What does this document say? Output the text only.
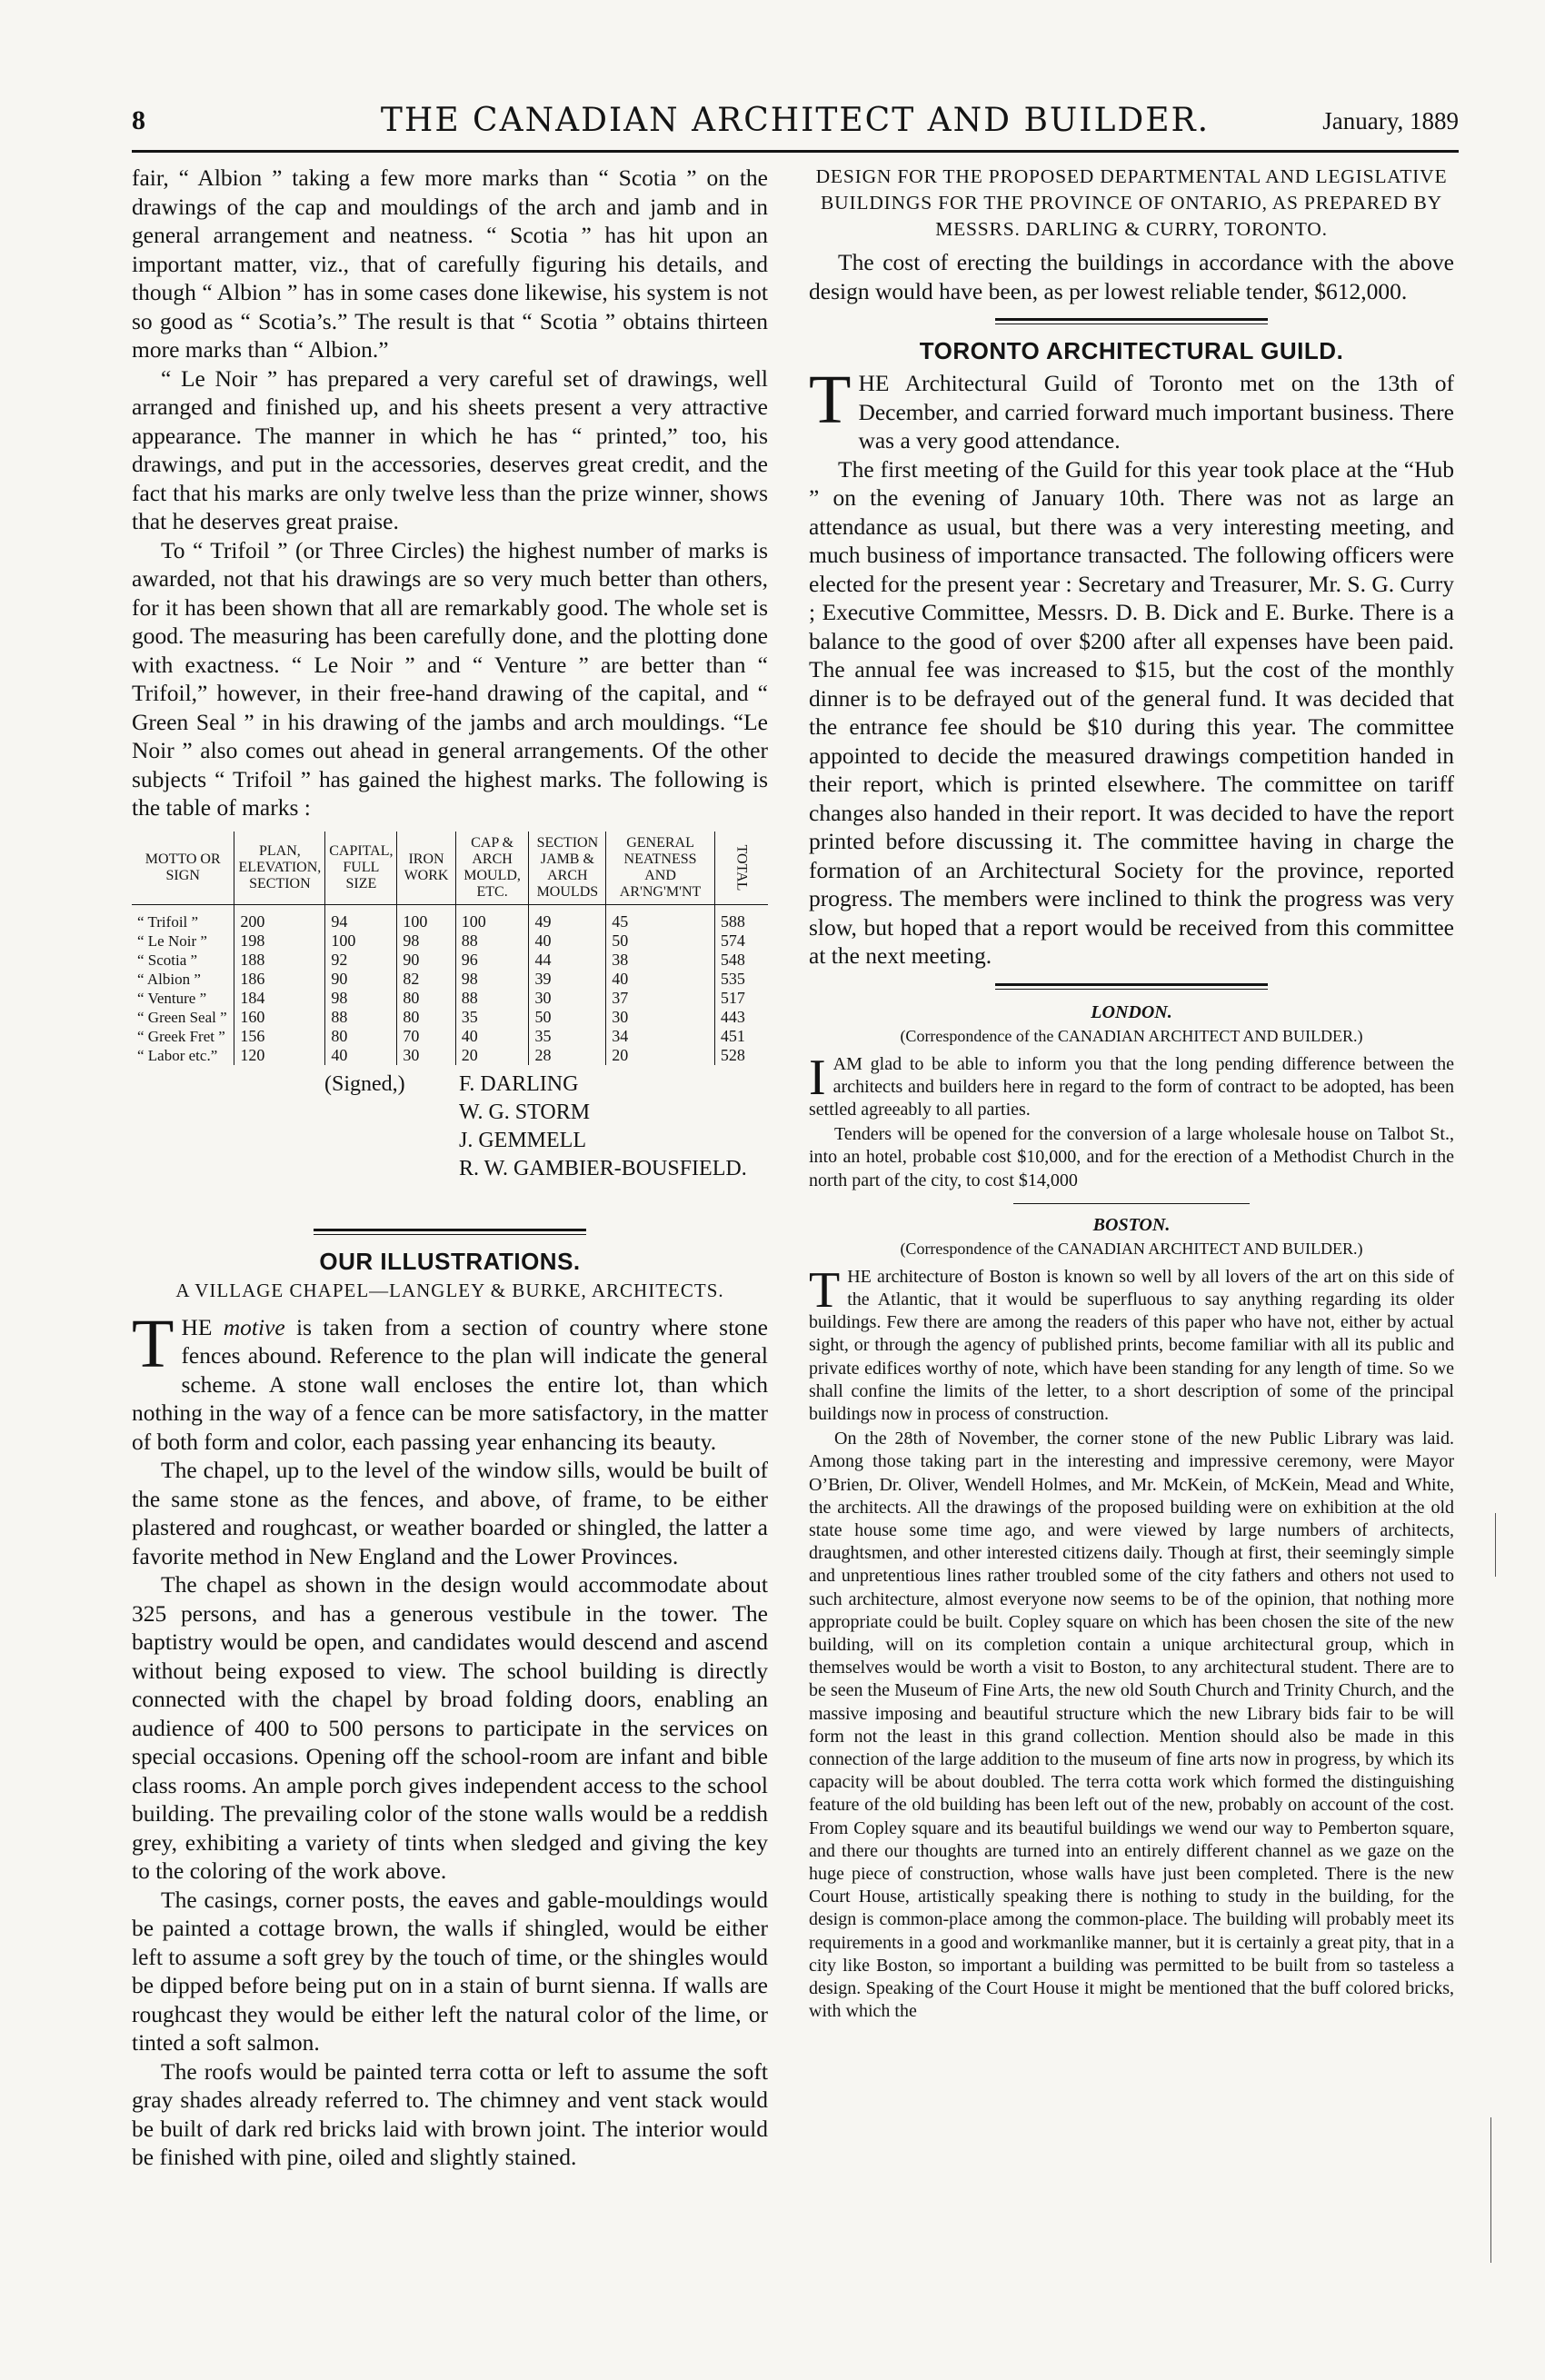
8	THE CANADIAN ARCHITECT AND BUILDER.	January, 1889

fair, “ Albion ” taking a few more marks than “ Scotia ” on the drawings of the cap and mouldings of the arch and jamb and in general arrangement and neatness. “ Scotia ” has hit upon an important matter, viz., that of carefully figuring his details, and though “ Albion ” has in some cases done likewise, his system is not so good as “ Scotia’s.” The result is that “ Scotia ” obtains thirteen more marks than “ Albion.”

“ Le Noir ” has prepared a very careful set of drawings, well arranged and finished up, and his sheets present a very attractive appearance. The manner in which he has “ printed,” too, his drawings, and put in the accessories, deserves great credit, and the fact that his marks are only twelve less than the prize winner, shows that he deserves great praise.

To “ Trifoil ” (or Three Circles) the highest number of marks is awarded, not that his drawings are so very much better than others, for it has been shown that all are remarkably good. The whole set is good. The measuring has been carefully done, and the plotting done with exactness. “ Le Noir ” and “ Venture ” are better than “ Trifoil,” however, in their free-hand drawing of the capital, and “ Green Seal ” in his drawing of the jambs and arch mouldings. “Le Noir ” also comes out ahead in general arrangements. Of the other subjects “ Trifoil ” has gained the highest marks. The following is the table of marks :

MOTTO OR SIGN	PLAN, ELEVATION, SECTION	CAPITAL, FULL SIZE	IRON WORK	CAP & ARCH MOULD, ETC.	SECTION JAMB & ARCH MOULDS	GENERAL NEATNESS AND AR'NG'M'NT	TOTAL
“ Trifoil ”	200	94	100	100	49	45	588
“ Le Noir ”	198	100	98	88	40	50	574
“ Scotia ”	188	92	90	96	44	38	548
“ Albion ”	186	90	82	98	39	40	535
“ Venture ”	184	98	80	88	30	37	517
“ Green Seal ”	160	88	80	35	50	30	443
“ Greek Fret ”	156	80	70	40	35	34	451
“ Labor etc.”	120	40	30	20	28	20	528
(Signed,) F. DARLING
W. G. STORM
J. GEMMELL
R. W. GAMBIER-BOUSFIELD.
OUR ILLUSTRATIONS.
A VILLAGE CHAPEL—LANGLEY & BURKE, ARCHITECTS.

THE motive is taken from a section of country where stone fences abound. Reference to the plan will indicate the general scheme. A stone wall encloses the entire lot, than which nothing in the way of a fence can be more satisfactory, in the matter of both form and color, each passing year enhancing its beauty.

The chapel, up to the level of the window sills, would be built of the same stone as the fences, and above, of frame, to be either plastered and roughcast, or weather boarded or shingled, the latter a favorite method in New England and the Lower Provinces.

The chapel as shown in the design would accommodate about 325 persons, and has a generous vestibule in the tower. The baptistry would be open, and candidates would descend and ascend without being exposed to view. The school building is directly connected with the chapel by broad folding doors, enabling an audience of 400 to 500 persons to participate in the services on special occasions. Opening off the school-room are infant and bible class rooms. An ample porch gives independent access to the school building. The prevailing color of the stone walls would be a reddish grey, exhibiting a variety of tints when sledged and giving the key to the coloring of the work above.

The casings, corner posts, the eaves and gable-mouldings would be painted a cottage brown, the walls if shingled, would be either left to assume a soft grey by the touch of time, or the shingles would be dipped before being put on in a stain of burnt sienna. If walls are roughcast they would be either left the natural color of the lime, or tinted a soft salmon.

The roofs would be painted terra cotta or left to assume the soft gray shades already referred to. The chimney and vent stack would be built of dark red bricks laid with brown joint. The interior would be finished with pine, oiled and slightly stained.

DESIGN FOR THE PROPOSED DEPARTMENTAL AND LEGISLATIVE BUILDINGS FOR THE PROVINCE OF ONTARIO, AS PREPARED BY MESSRS. DARLING & CURRY, TORONTO.

The cost of erecting the buildings in accordance with the above design would have been, as per lowest reliable tender, $612,000.

TORONTO ARCHITECTURAL GUILD.

THE Architectural Guild of Toronto met on the 13th of December, and carried forward much important business. There was a very good attendance.

The first meeting of the Guild for this year took place at the “Hub ” on the evening of January 10th. There was not as large an attendance as usual, but there was a very interesting meeting, and much business of importance transacted. The following officers were elected for the present year : Secretary and Treasurer, Mr. S. G. Curry ; Executive Committee, Messrs. D. B. Dick and E. Burke. There is a balance to the good of over $200 after all expenses have been paid. The annual fee was increased to $15, but the cost of the monthly dinner is to be defrayed out of the general fund. It was decided that the entrance fee should be $10 during this year. The committee appointed to decide the measured drawings competition handed in their report, which is printed elsewhere. The committee on tariff changes also handed in their report. It was decided to have the report printed before discussing it. The committee having in charge the formation of an Architectural Society for the province, reported progress. The members were inclined to think the progress was very slow, but hoped that a report would be received from this committee at the next meeting.

LONDON.
(Correspondence of the CANADIAN ARCHITECT AND BUILDER.)

IAM glad to be able to inform you that the long pending difference between the architects and builders here in regard to the form of contract to be adopted, has been settled agreeably to all parties.

Tenders will be opened for the conversion of a large wholesale house on Talbot St., into an hotel, probable cost $10,000, and for the erection of a Methodist Church in the north part of the city, to cost $14,000

BOSTON.
(Correspondence of the CANADIAN ARCHITECT AND BUILDER.)

THE architecture of Boston is known so well by all lovers of the art on this side of the Atlantic, that it would be superfluous to say anything regarding its older buildings. Few there are among the readers of this paper who have not, either by actual sight, or through the agency of published prints, become familiar with all its public and private edifices worthy of note, which have been standing for any length of time. So we shall confine the limits of the letter, to a short description of some of the principal buildings now in process of construction.

On the 28th of November, the corner stone of the new Public Library was laid. Among those taking part in the interesting and impressive ceremony, were Mayor O’Brien, Dr. Oliver, Wendell Holmes, and Mr. McKein, of McKein, Mead and White, the architects. All the drawings of the proposed building were on exhibition at the old state house some time ago, and were viewed by large numbers of architects, draughtsmen, and other interested citizens daily. Though at first, their seemingly simple and unpretentious lines rather troubled some of the city fathers and others not used to such architecture, almost everyone now seems to be of the opinion, that nothing more appropriate could be built. Copley square on which has been chosen the site of the new building, will on its completion contain a unique architectural group, which in themselves would be worth a visit to Boston, to any architectural student. There are to be seen the Museum of Fine Arts, the new old South Church and Trinity Church, and the massive imposing and beautiful structure which the new Library bids fair to be will form not the least in this grand collection. Mention should also be made in this connection of the large addition to the museum of fine arts now in progress, by which its capacity will be about doubled. The terra cotta work which formed the distinguishing feature of the old building has been left out of the new, probably on account of the cost. From Copley square and its beautiful buildings we wend our way to Pemberton square, and there our thoughts are turned into an entirely different channel as we gaze on the huge piece of construction, whose walls have just been completed. There is the new Court House, artistically speaking there is nothing to study in the building, for the design is common-place among the common-place. The building will probably meet its requirements in a good and workmanlike manner, but it is certainly a great pity, that in a city like Boston, so important a building was permitted to be built from so tasteless a design. Speaking of the Court House it might be mentioned that the buff colored bricks, with which the
